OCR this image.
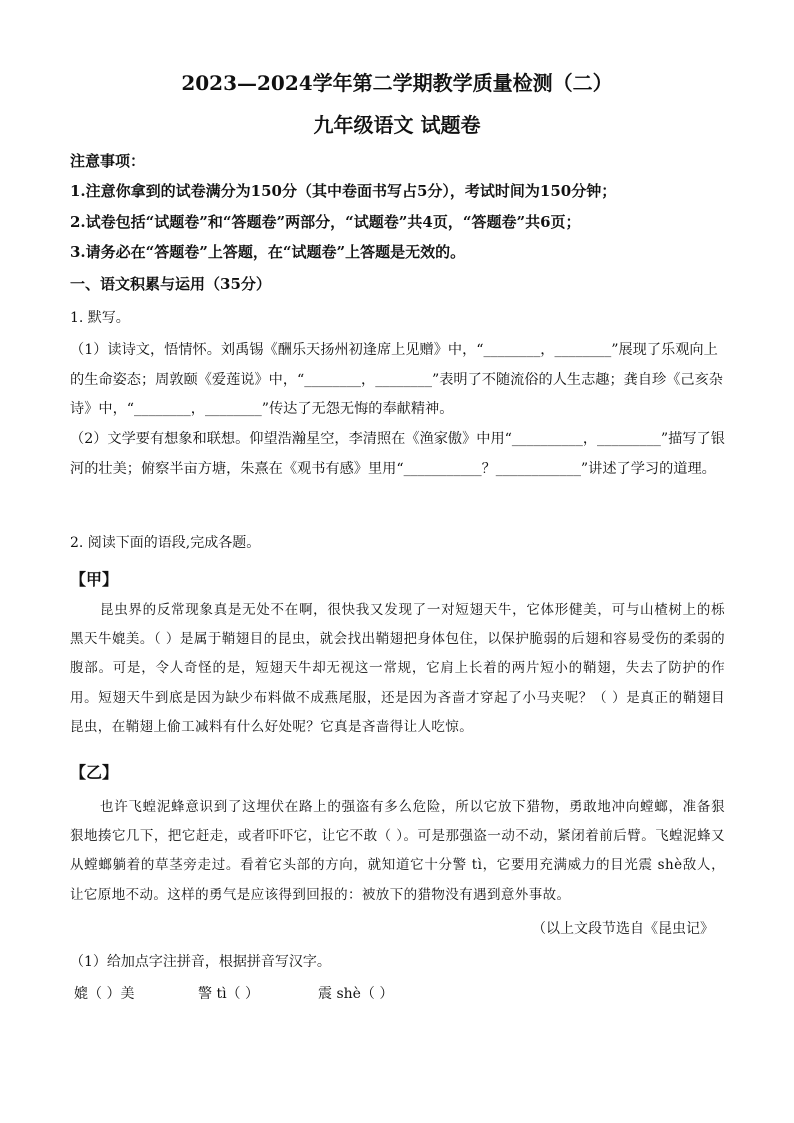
2023—2024学年第二学期教学质量检测（二）
九年级语文 试题卷
注意事项：
1.注意你拿到的试卷满分为150分（其中卷面书写占5分），考试时间为150分钟；
2.试卷包括“试题卷”和“答题卷”两部分，“试题卷”共4页，“答题卷”共6页；
3.请务必在“答题卷”上答题，在“试题卷”上答题是无效的。
一、语文积累与运用（35分）
1. 默写。
（1）读诗文，悟情怀。刘禹锡《酬乐天扬州初逢席上见赠》中，“________，________”展现了乐观向上的生命姿态；周敦颐《爱莲说》中，“________，________”表明了不随流俗的人生志趣；龚自珍《己亥杂诗》中，“________，________”传达了无怨无悔的奉献精神。
（2）文学要有想象和联想。仰望浩瀚星空，李清照在《渔家傲》中用“__________，_________”描写了银河的壮美；俯察半亩方塘，朱熹在《观书有感》里用“___________？____________”讲述了学习的道理。
2. 阅读下面的语段,完成各题。
【甲】
昆虫界的反常现象真是无处不在啊，很快我又发现了一对短翅天牛，它体形健美，可与山楂树上的栎黑天牛媲美。（ ）是属于鞘翅目的昆虫，就会找出鞘翅把身体包住，以保护脆弱的后翅和容易受伤的柔弱的腹部。可是，令人奇怪的是，短翅天牛却无视这一常规，它肩上长着的两片短小的鞘翅，失去了防护的作用。短翅天牛到底是因为缺少布料做不成燕尾服，还是因为吝啬才穿起了小马夹呢？（ ）是真正的鞘翅目昆虫，在鞘翅上偷工减料有什么好处呢？它真是吝啬得让人吃惊。
【乙】
也许飞蝗泥蜂意识到了这埋伏在路上的强盗有多么危险，所以它放下猎物，勇敢地冲向螳螂，准备狠狠地揍它几下，把它赶走，或者吓吓它，让它不敢（ ）。可是那强盗一动不动，紧闭着前后臂。飞蝗泥蜂又从螳螂躺着的草茎旁走过。看着它头部的方向，就知道它十分警 tì，它要用充满威力的目光震 shè敌人，让它原地不动。这样的勇气是应该得到回报的：被放下的猎物没有遇到意外事故。
（以上文段节选自《昆虫记》
（1）给加点字注拼音，根据拼音写汉字。
媲（ ）美	警 tì（ ）	震 shè（ ）
